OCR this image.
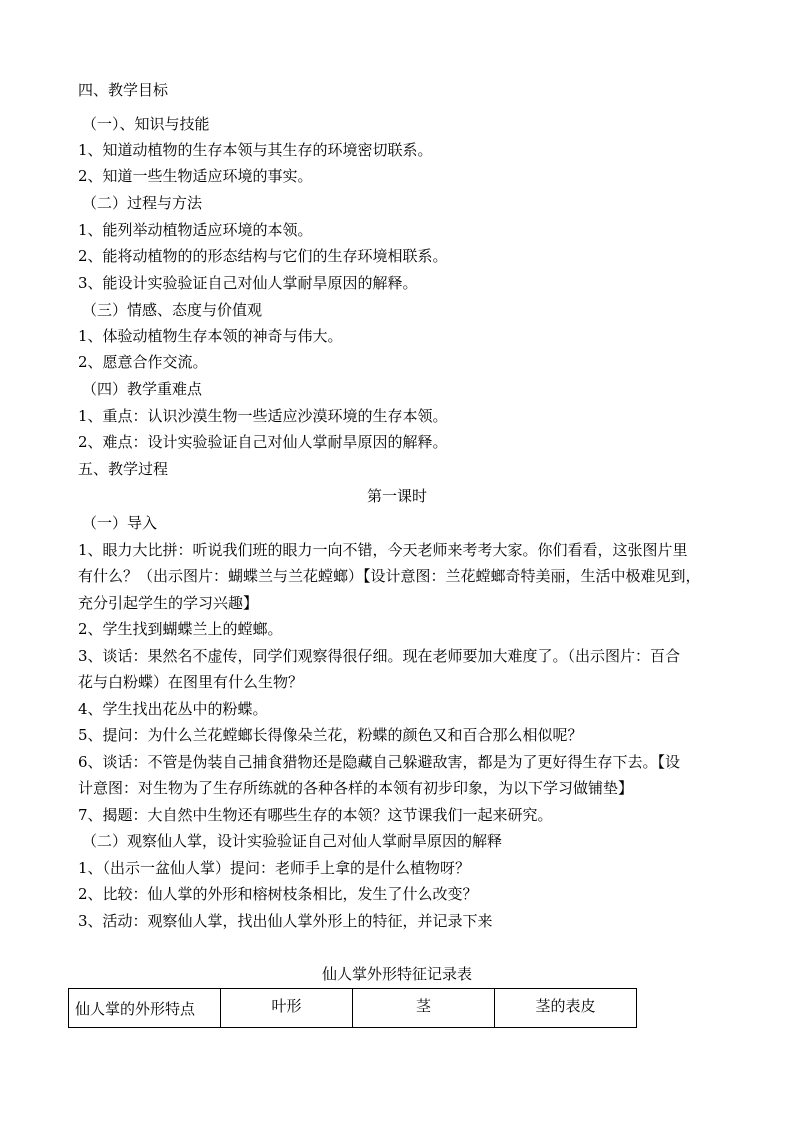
四、教学目标
（一）、知识与技能
1、知道动植物的生存本领与其生存的环境密切联系。
2、知道一些生物适应环境的事实。
（二）过程与方法
1、能列举动植物适应环境的本领。
2、能将动植物的的形态结构与它们的生存环境相联系。
3、能设计实验验证自己对仙人掌耐旱原因的解释。
（三）情感、态度与价值观
1、体验动植物生存本领的神奇与伟大。
2、愿意合作交流。
（四）教学重难点
1、重点：认识沙漠生物一些适应沙漠环境的生存本领。
2、难点：设计实验验证自己对仙人掌耐旱原因的解释。
五、教学过程
第一课时
（一）导入
1、眼力大比拼：听说我们班的眼力一向不错，今天老师来考考大家。你们看看，这张图片里
有什么？（出示图片：蝴蝶兰与兰花螳螂）【设计意图：兰花螳螂奇特美丽，生活中极难见到，
充分引起学生的学习兴趣】
2、学生找到蝴蝶兰上的螳螂。
3、谈话：果然名不虚传，同学们观察得很仔细。现在老师要加大难度了。（出示图片：百合
花与白粉蝶）在图里有什么生物？
4、学生找出花丛中的粉蝶。
5、提问：为什么兰花螳螂长得像朵兰花，粉蝶的颜色又和百合那么相似呢？
6、谈话：不管是伪装自己捕食猎物还是隐藏自己躲避敌害，都是为了更好得生存下去。【设
计意图：对生物为了生存所练就的各种各样的本领有初步印象，为以下学习做铺垫】
7、揭题：大自然中生物还有哪些生存的本领？这节课我们一起来研究。
（二）观察仙人掌，设计实验验证自己对仙人掌耐旱原因的解释
1、（出示一盆仙人掌）提问：老师手上拿的是什么植物呀？
2、比较：仙人掌的外形和榕树枝条相比，发生了什么改变？
3、活动：观察仙人掌，找出仙人掌外形上的特征，并记录下来
仙人掌外形特征记录表
仙人掌的外形特点	叶形	茎	茎的表皮
